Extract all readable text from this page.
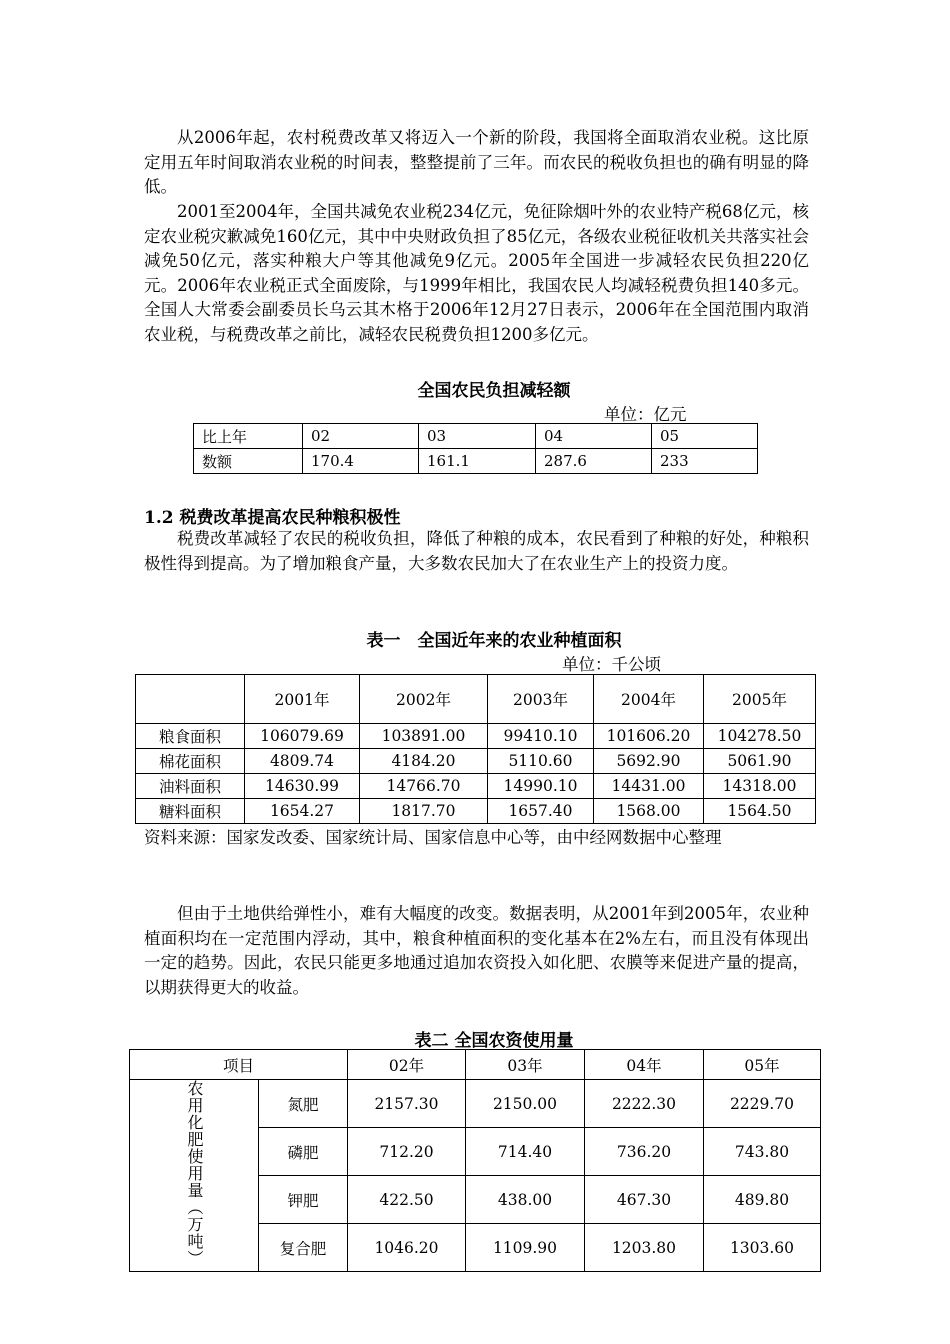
从2006年起，农村税费改革又将迈入一个新的阶段，我国将全面取消农业税。这比原定用五年时间取消农业税的时间表，整整提前了三年。而农民的税收负担也的确有明显的降低。

2001至2004年，全国共减免农业税234亿元，免征除烟叶外的农业特产税68亿元，核定农业税灾歉减免160亿元，其中中央财政负担了85亿元，各级农业税征收机关共落实社会减免50亿元，落实种粮大户等其他减免9亿元。2005年全国进一步减轻农民负担220亿元。2006年农业税正式全面废除，与1999年相比，我国农民人均减轻税费负担140多元。全国人大常委会副委员长乌云其木格于2006年12月27日表示，2006年在全国范围内取消农业税，与税费改革之前比，减轻农民税费负担1200多亿元。

全国农民负担减轻额

单位：亿元

比上年	02	03	04	05
数额	170.4	161.1	287.6	233

1.2 税费改革提高农民种粮积极性

税费改革减轻了农民的税收负担，降低了种粮的成本，农民看到了种粮的好处，种粮积极性得到提高。为了增加粮食产量，大多数农民加大了在农业生产上的投资力度。

表一　全国近年来的农业种植面积

单位：千公顷

	2001年	2002年	2003年	2004年	2005年
粮食面积	106079.69	103891.00	99410.10	101606.20	104278.50
棉花面积	4809.74	4184.20	5110.60	5692.90	5061.90
油料面积	14630.99	14766.70	14990.10	14431.00	14318.00
糖料面积	1654.27	1817.70	1657.40	1568.00	1564.50

资料来源：国家发改委、国家统计局、国家信息中心等，由中经网数据中心整理

但由于土地供给弹性小，难有大幅度的改变。数据表明，从2001年到2005年，农业种植面积均在一定范围内浮动，其中，粮食种植面积的变化基本在2%左右，而且没有体现出一定的趋势。因此，农民只能更多地通过追加农资投入如化肥、农膜等来促进产量的提高，以期获得更大的收益。

表二 全国农资使用量

项目		02年	03年	04年	05年
农用化肥使用量（万吨）	氮肥	2157.30	2150.00	2222.30	2229.70
	磷肥	712.20	714.40	736.20	743.80
	钾肥	422.50	438.00	467.30	489.80
	复合肥	1046.20	1109.90	1203.80	1303.60
